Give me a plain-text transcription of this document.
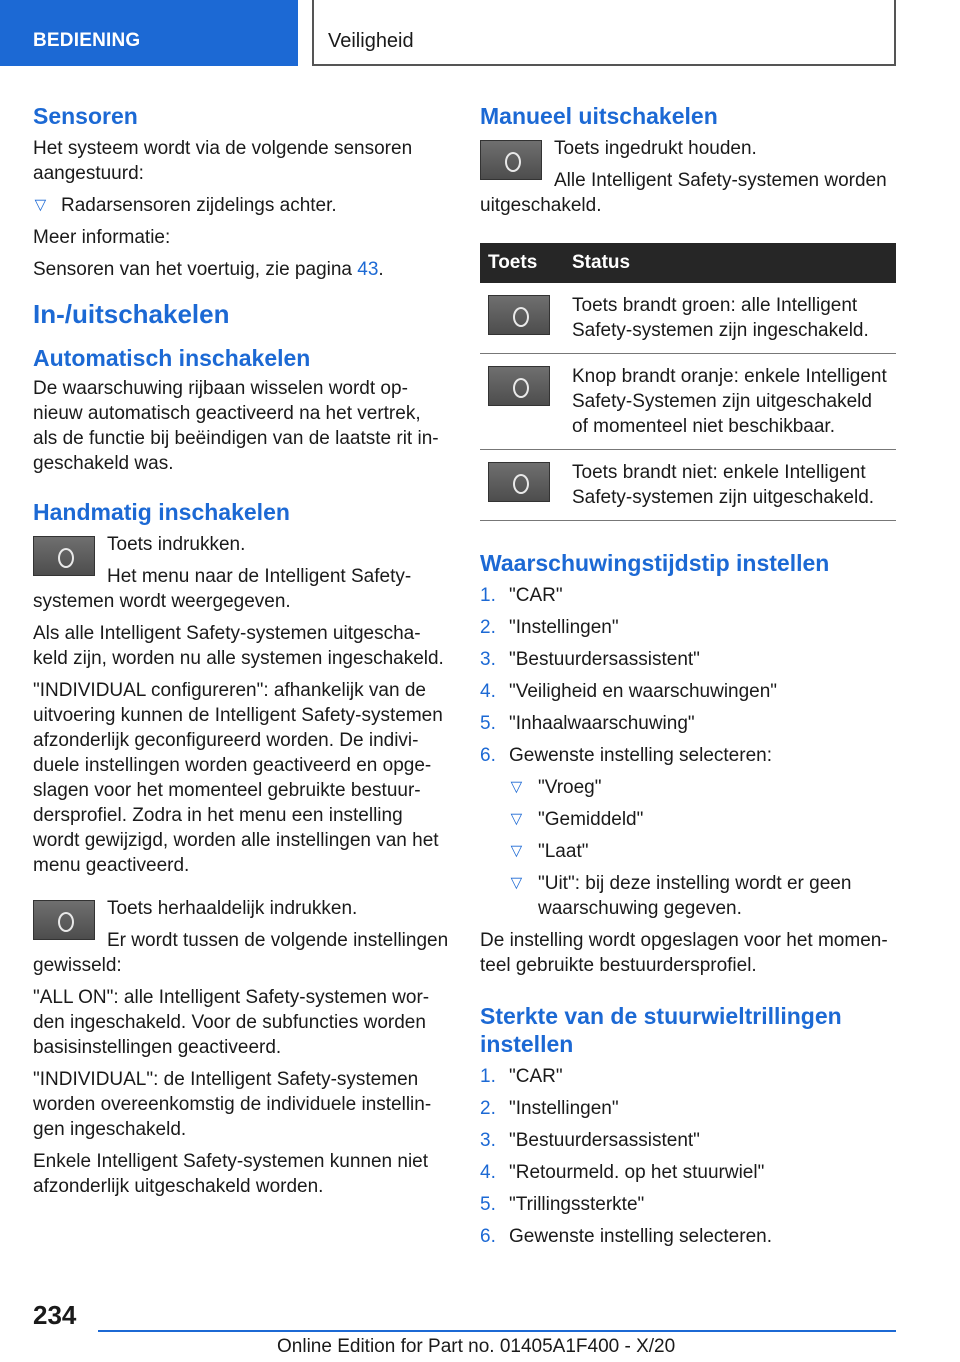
BEDIENING	Veiligheid
Sensoren

Het systeem wordt via de volgende sensoren aangestuurd:

▷ Radarsensoren zijdelings achter.

Meer informatie:

Sensoren van het voertuig, zie pagina 43.

In-/uitschakelen
Automatisch inschakelen

De waarschuwing rijbaan wisselen wordt opnieuw automatisch geactiveerd na het vertrek, als de functie bij beëindigen van de laatste rit ingeschakeld was.

Handmatig inschakelen

Toets indrukken.

Het menu naar de Intelligent Safety-systemen wordt weergegeven.

Als alle Intelligent Safety-systemen uitgeschakeld zijn, worden nu alle systemen ingeschakeld.

"INDIVIDUAL configureren": afhankelijk van de uitvoering kunnen de Intelligent Safety-systemen afzonderlijk geconfigureerd worden. De individuele instellingen worden geactiveerd en opgeslagen voor het momenteel gebruikte bestuurdersprofiel. Zodra in het menu een instelling wordt gewijzigd, worden alle instellingen van het menu geactiveerd.

Toets herhaaldelijk indrukken.

Er wordt tussen de volgende instellingen gewisseld:

"ALL ON": alle Intelligent Safety-systemen worden ingeschakeld. Voor de subfuncties worden basisinstellingen geactiveerd.

"INDIVIDUAL": de Intelligent Safety-systemen worden overeenkomstig de individuele instellingen ingeschakeld.

Enkele Intelligent Safety-systemen kunnen niet afzonderlijk uitgeschakeld worden.

Manueel uitschakelen

Toets ingedrukt houden.

Alle Intelligent Safety-systemen worden uitgeschakeld.

Toets	Status

	Toets brandt groen: alle Intelligent Safety-systemen zijn ingeschakeld.

	Knop brandt oranje: enkele Intelligent Safety-Systemen zijn uitgeschakeld of momenteel niet beschikbaar.

	Toets brandt niet: enkele Intelligent Safety-systemen zijn uitgeschakeld.
Waarschuwingstijdstip instellen
1. "CAR"
2. "Instellingen"
3. "Bestuurdersassistent"
4. "Veiligheid en waarschuwingen"
5. "Inhaalwaarschuwing"
6. Gewenste instelling selecteren:
▷ "Vroeg"
▷ "Gemiddeld"
▷ "Laat"
▷ "Uit": bij deze instelling wordt er geen waarschuwing gegeven.

De instelling wordt opgeslagen voor het momenteel gebruikte bestuurdersprofiel.

Sterkte van de stuurwieltrillingen instellen
1. "CAR"
2. "Instellingen"
3. "Bestuurdersassistent"
4. "Retourmeld. op het stuurwiel"
5. "Trillingssterkte"
6. Gewenste instelling selecteren.
234
Online Edition for Part no. 01405A1F400 - X/20
